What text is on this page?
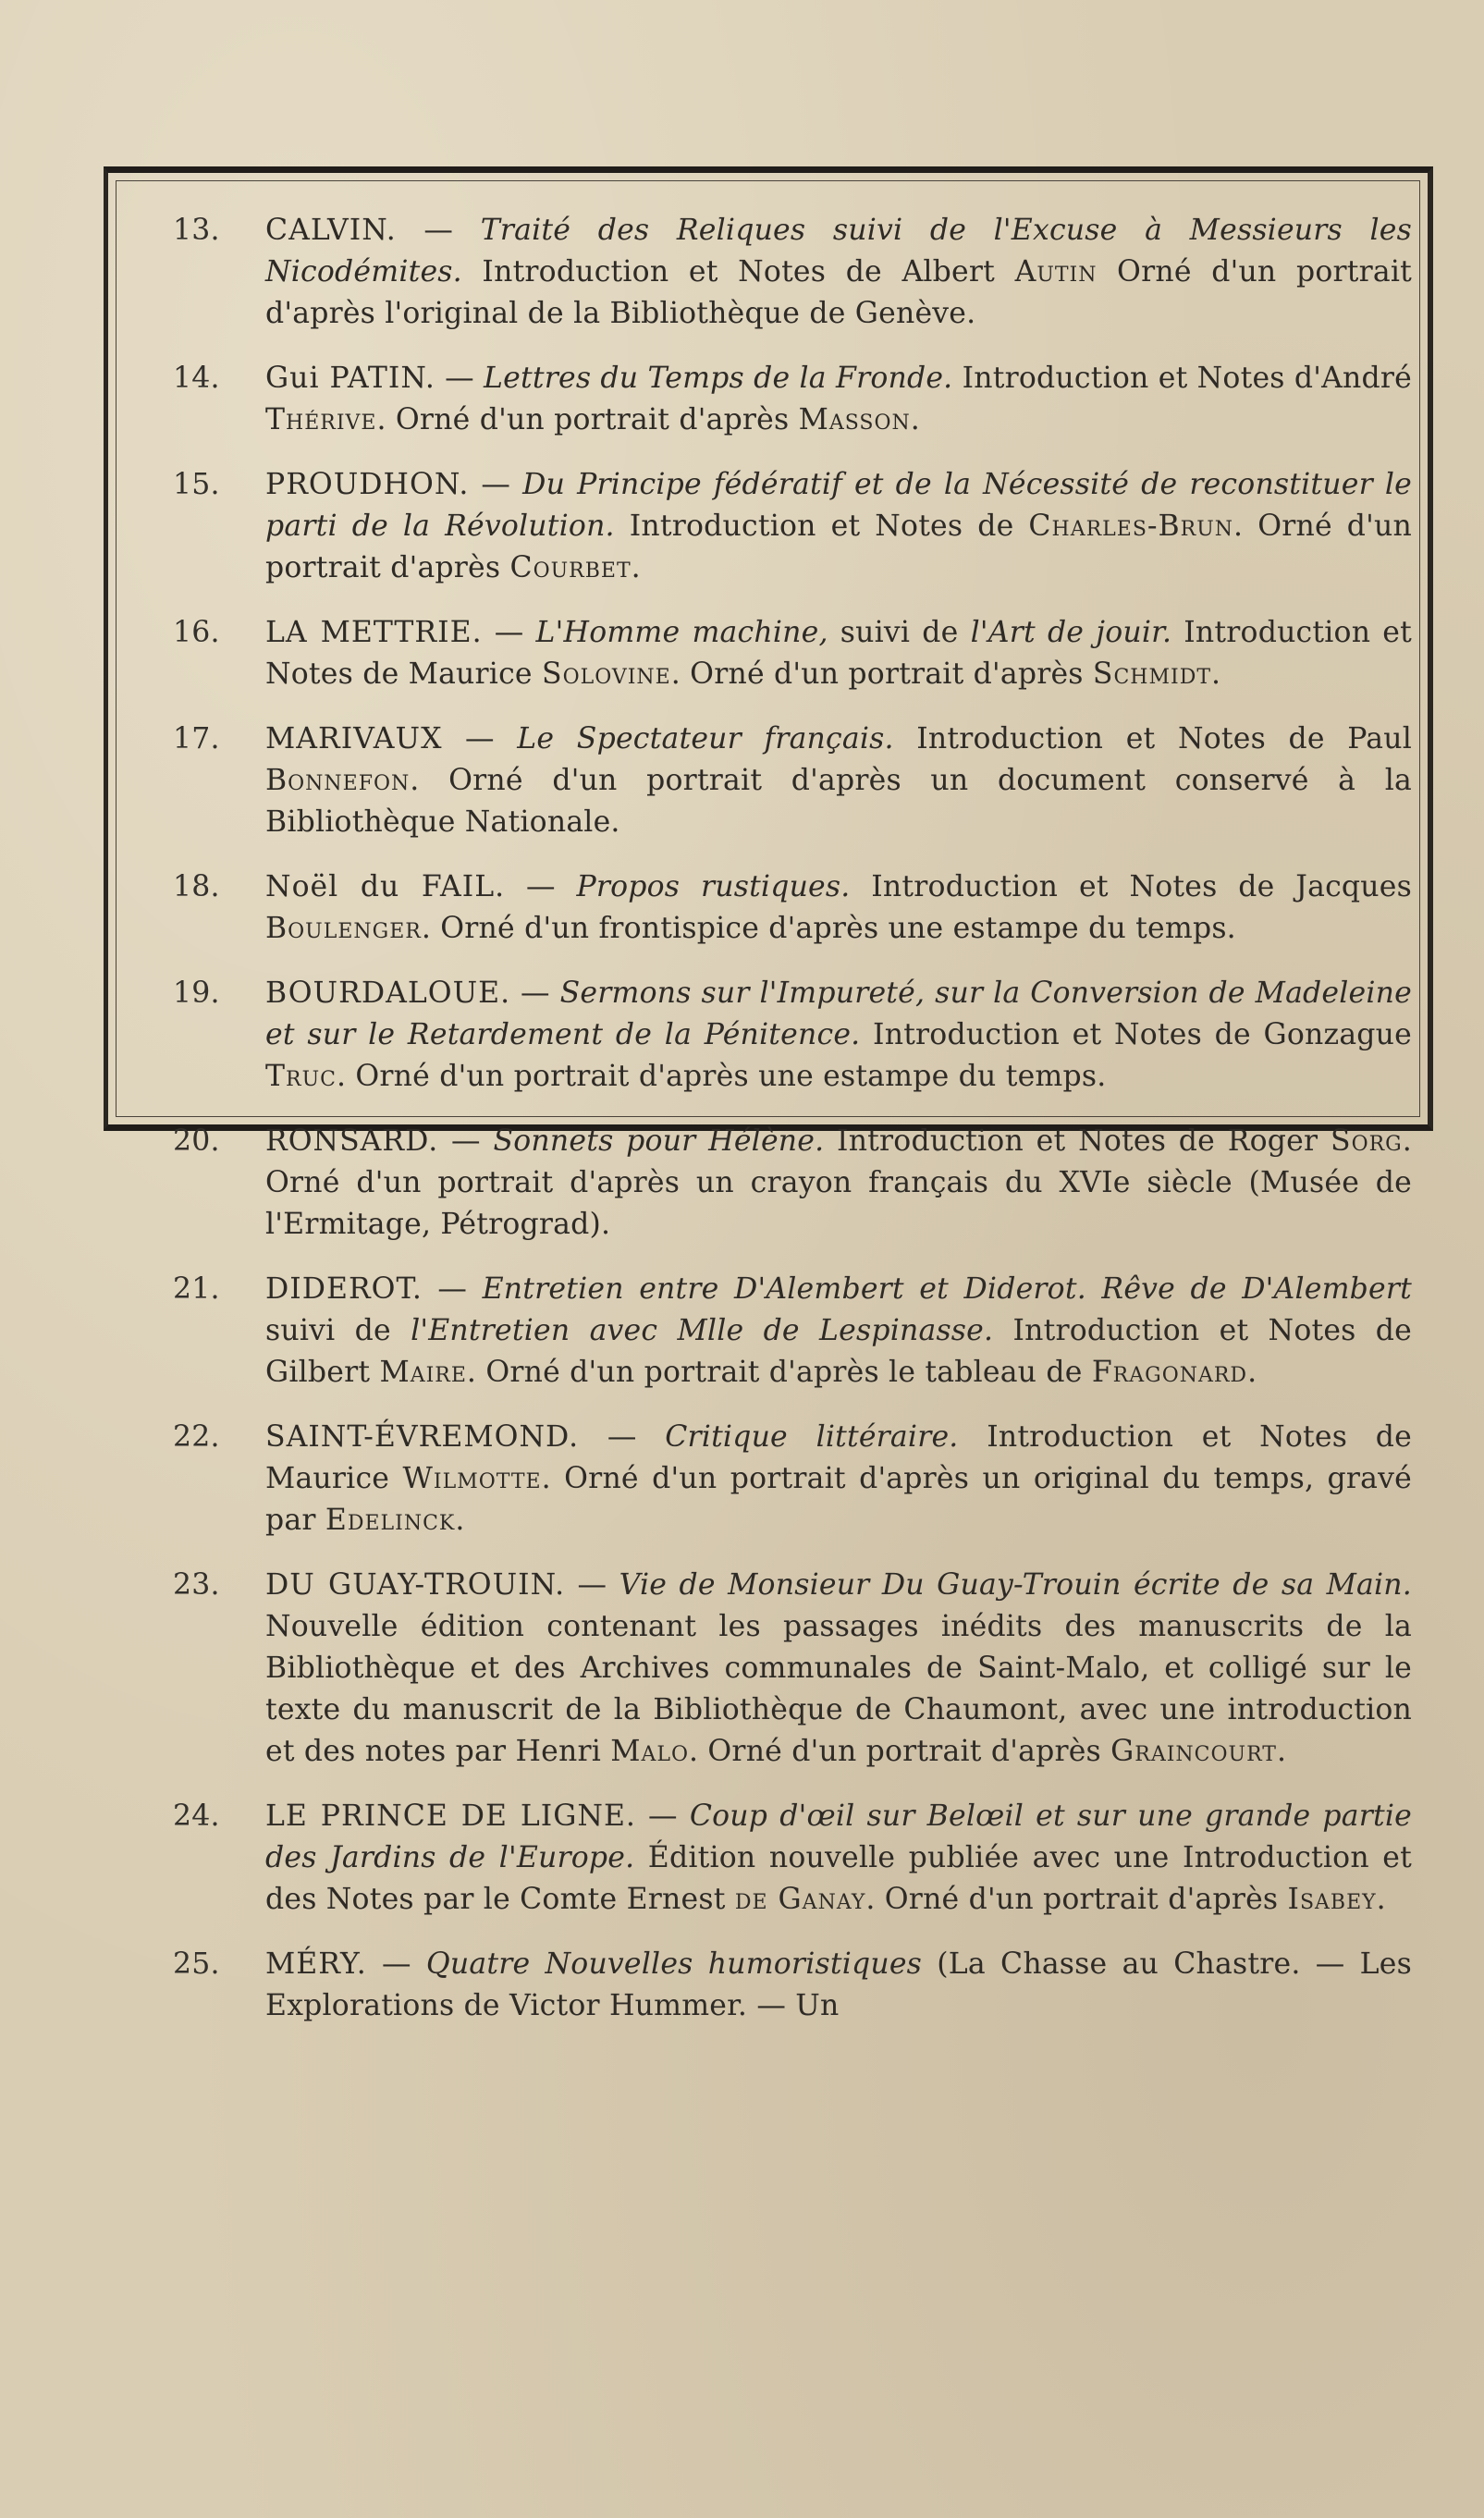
13.	CALVIN. — Traité des Reliques suivi de l'Excuse à Messieurs les Nicodémites. Introduction et Notes de Albert Autin Orné d'un portrait d'après l'original de la Bibliothèque de Genève.
14.	Gui PATIN. — Lettres du Temps de la Fronde. Introduction et Notes d'André Thérive. Orné d'un portrait d'après Masson.
15.	PROUDHON. — Du Principe fédératif et de la Nécessité de reconstituer le parti de la Révolution. Introduction et Notes de Charles-Brun. Orné d'un portrait d'après Courbet.
16.	LA METTRIE. — L'Homme machine, suivi de l'Art de jouir. Introduction et Notes de Maurice Solovine. Orné d'un portrait d'après Schmidt.
17.	MARIVAUX — Le Spectateur français. Introduction et Notes de Paul Bonnefon. Orné d'un portrait d'après un document conservé à la Bibliothèque Nationale.
18.	Noël du FAIL. — Propos rustiques. Introduction et Notes de Jacques Boulenger. Orné d'un frontispice d'après une estampe du temps.
19.	BOURDALOUE. — Sermons sur l'Impureté, sur la Conversion de Madeleine et sur le Retardement de la Pénitence. Introduction et Notes de Gonzague Truc. Orné d'un portrait d'après une estampe du temps.
20.	RONSARD. — Sonnets pour Hélène. Introduction et Notes de Roger Sorg. Orné d'un portrait d'après un crayon français du XVIe siècle (Musée de l'Ermitage, Pétrograd).
21.	DIDEROT. — Entretien entre D'Alembert et Diderot. Rêve de D'Alembert suivi de l'Entretien avec Mlle de Lespinasse. Introduction et Notes de Gilbert Maire. Orné d'un portrait d'après le tableau de Fragonard.
22.	SAINT-ÉVREMOND. — Critique littéraire. Introduction et Notes de Maurice Wilmotte. Orné d'un portrait d'après un original du temps, gravé par Edelinck.
23.	DU GUAY-TROUIN. — Vie de Monsieur Du Guay-Trouin écrite de sa Main. Nouvelle édition contenant les passages inédits des manuscrits de la Bibliothèque et des Archives communales de Saint-Malo, et colligé sur le texte du manuscrit de la Bibliothèque de Chaumont, avec une introduction et des notes par Henri Malo. Orné d'un portrait d'après Graincourt.
24.	LE PRINCE DE LIGNE. — Coup d'œil sur Belœil et sur une grande partie des Jardins de l'Europe. Édition nouvelle publiée avec une Introduction et des Notes par le Comte Ernest de Ganay. Orné d'un portrait d'après Isabey.
25.	MÉRY. — Quatre Nouvelles humoristiques (La Chasse au Chastre. — Les Explorations de Victor Hummer. — Un
